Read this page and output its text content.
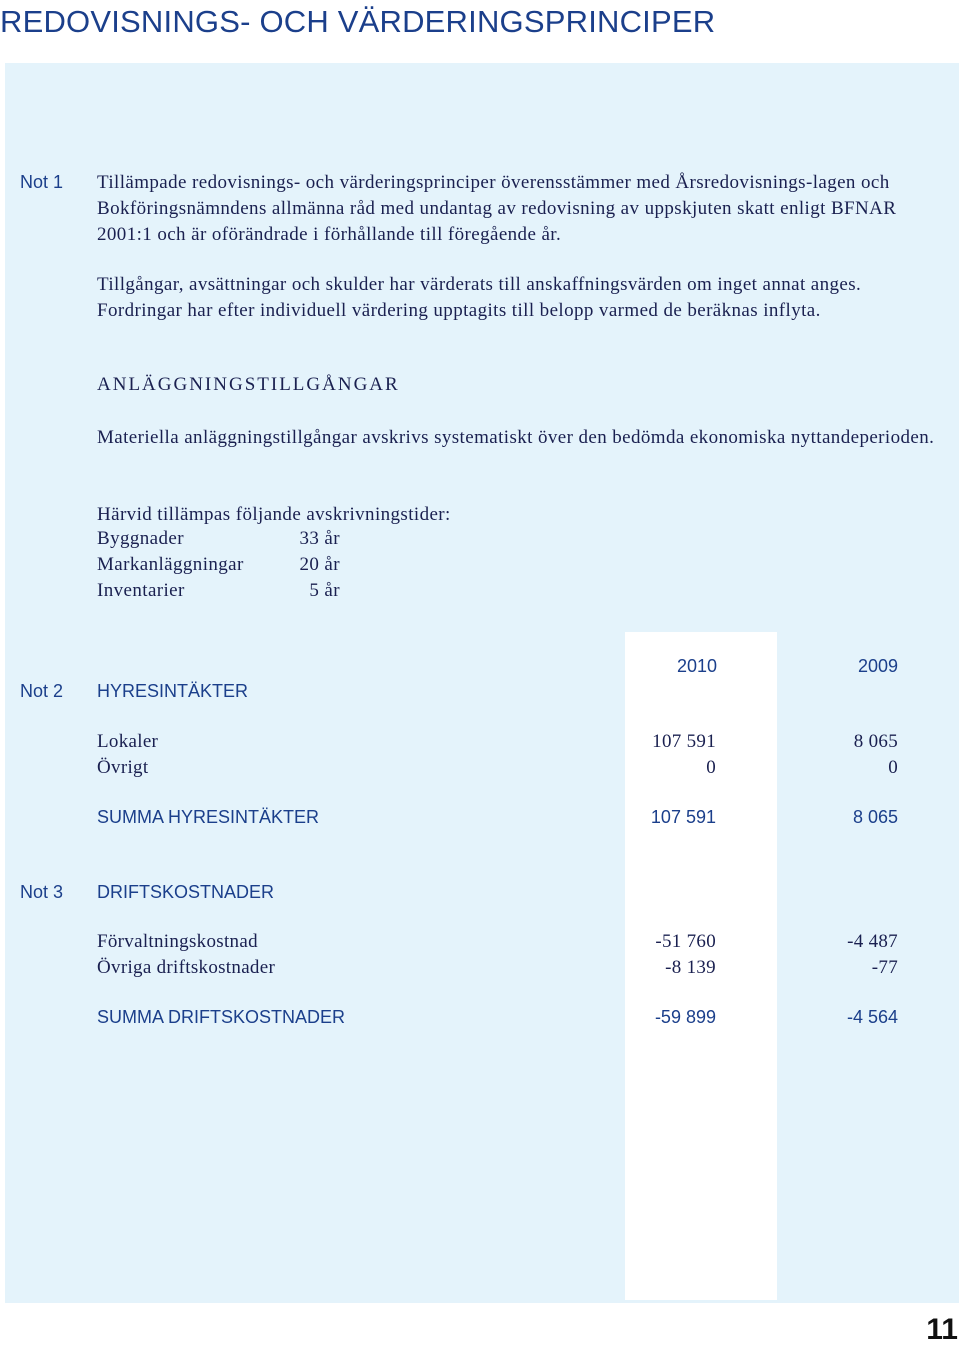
REDOVISNINGS- OCH VÄRDERINGSPRINCIPER
Not 1 Tillämpade redovisnings- och värderingsprinciper överensstämmer med Årsredovisnings-lagen och Bokföringsnämndens allmänna råd med undantag av redovisning av uppskjuten skatt enligt BFNAR 2001:1 och är oförändrade i förhållande till föregående år.

Tillgångar, avsättningar och skulder har värderats till anskaffningsvärden om inget annat anges. Fordringar har efter individuell värdering upptagits till belopp varmed de beräknas inflyta.

ANLÄGGNINGSTILLGÅNGAR

Materiella anläggningstillgångar avskrivs systematiskt över den bedömda ekonomiska nyttandeperioden.

Härvid tillämpas följande avskrivningstider:

Byggnader	33 år
Markanläggningar	20 år
Inventarier	5 år
2010	2009
Not 2 HYRESINTÄKTER
Lokaler	107 591	8 065
Övrigt	0	0
SUMMA HYRESINTÄKTER	107 591	8 065
Not 3 DRIFTSKOSTNADER
Förvaltningskostnad	-51 760	-4 487
Övriga driftskostnader	-8 139	-77
SUMMA DRIFTSKOSTNADER	-59 899	-4 564
11
